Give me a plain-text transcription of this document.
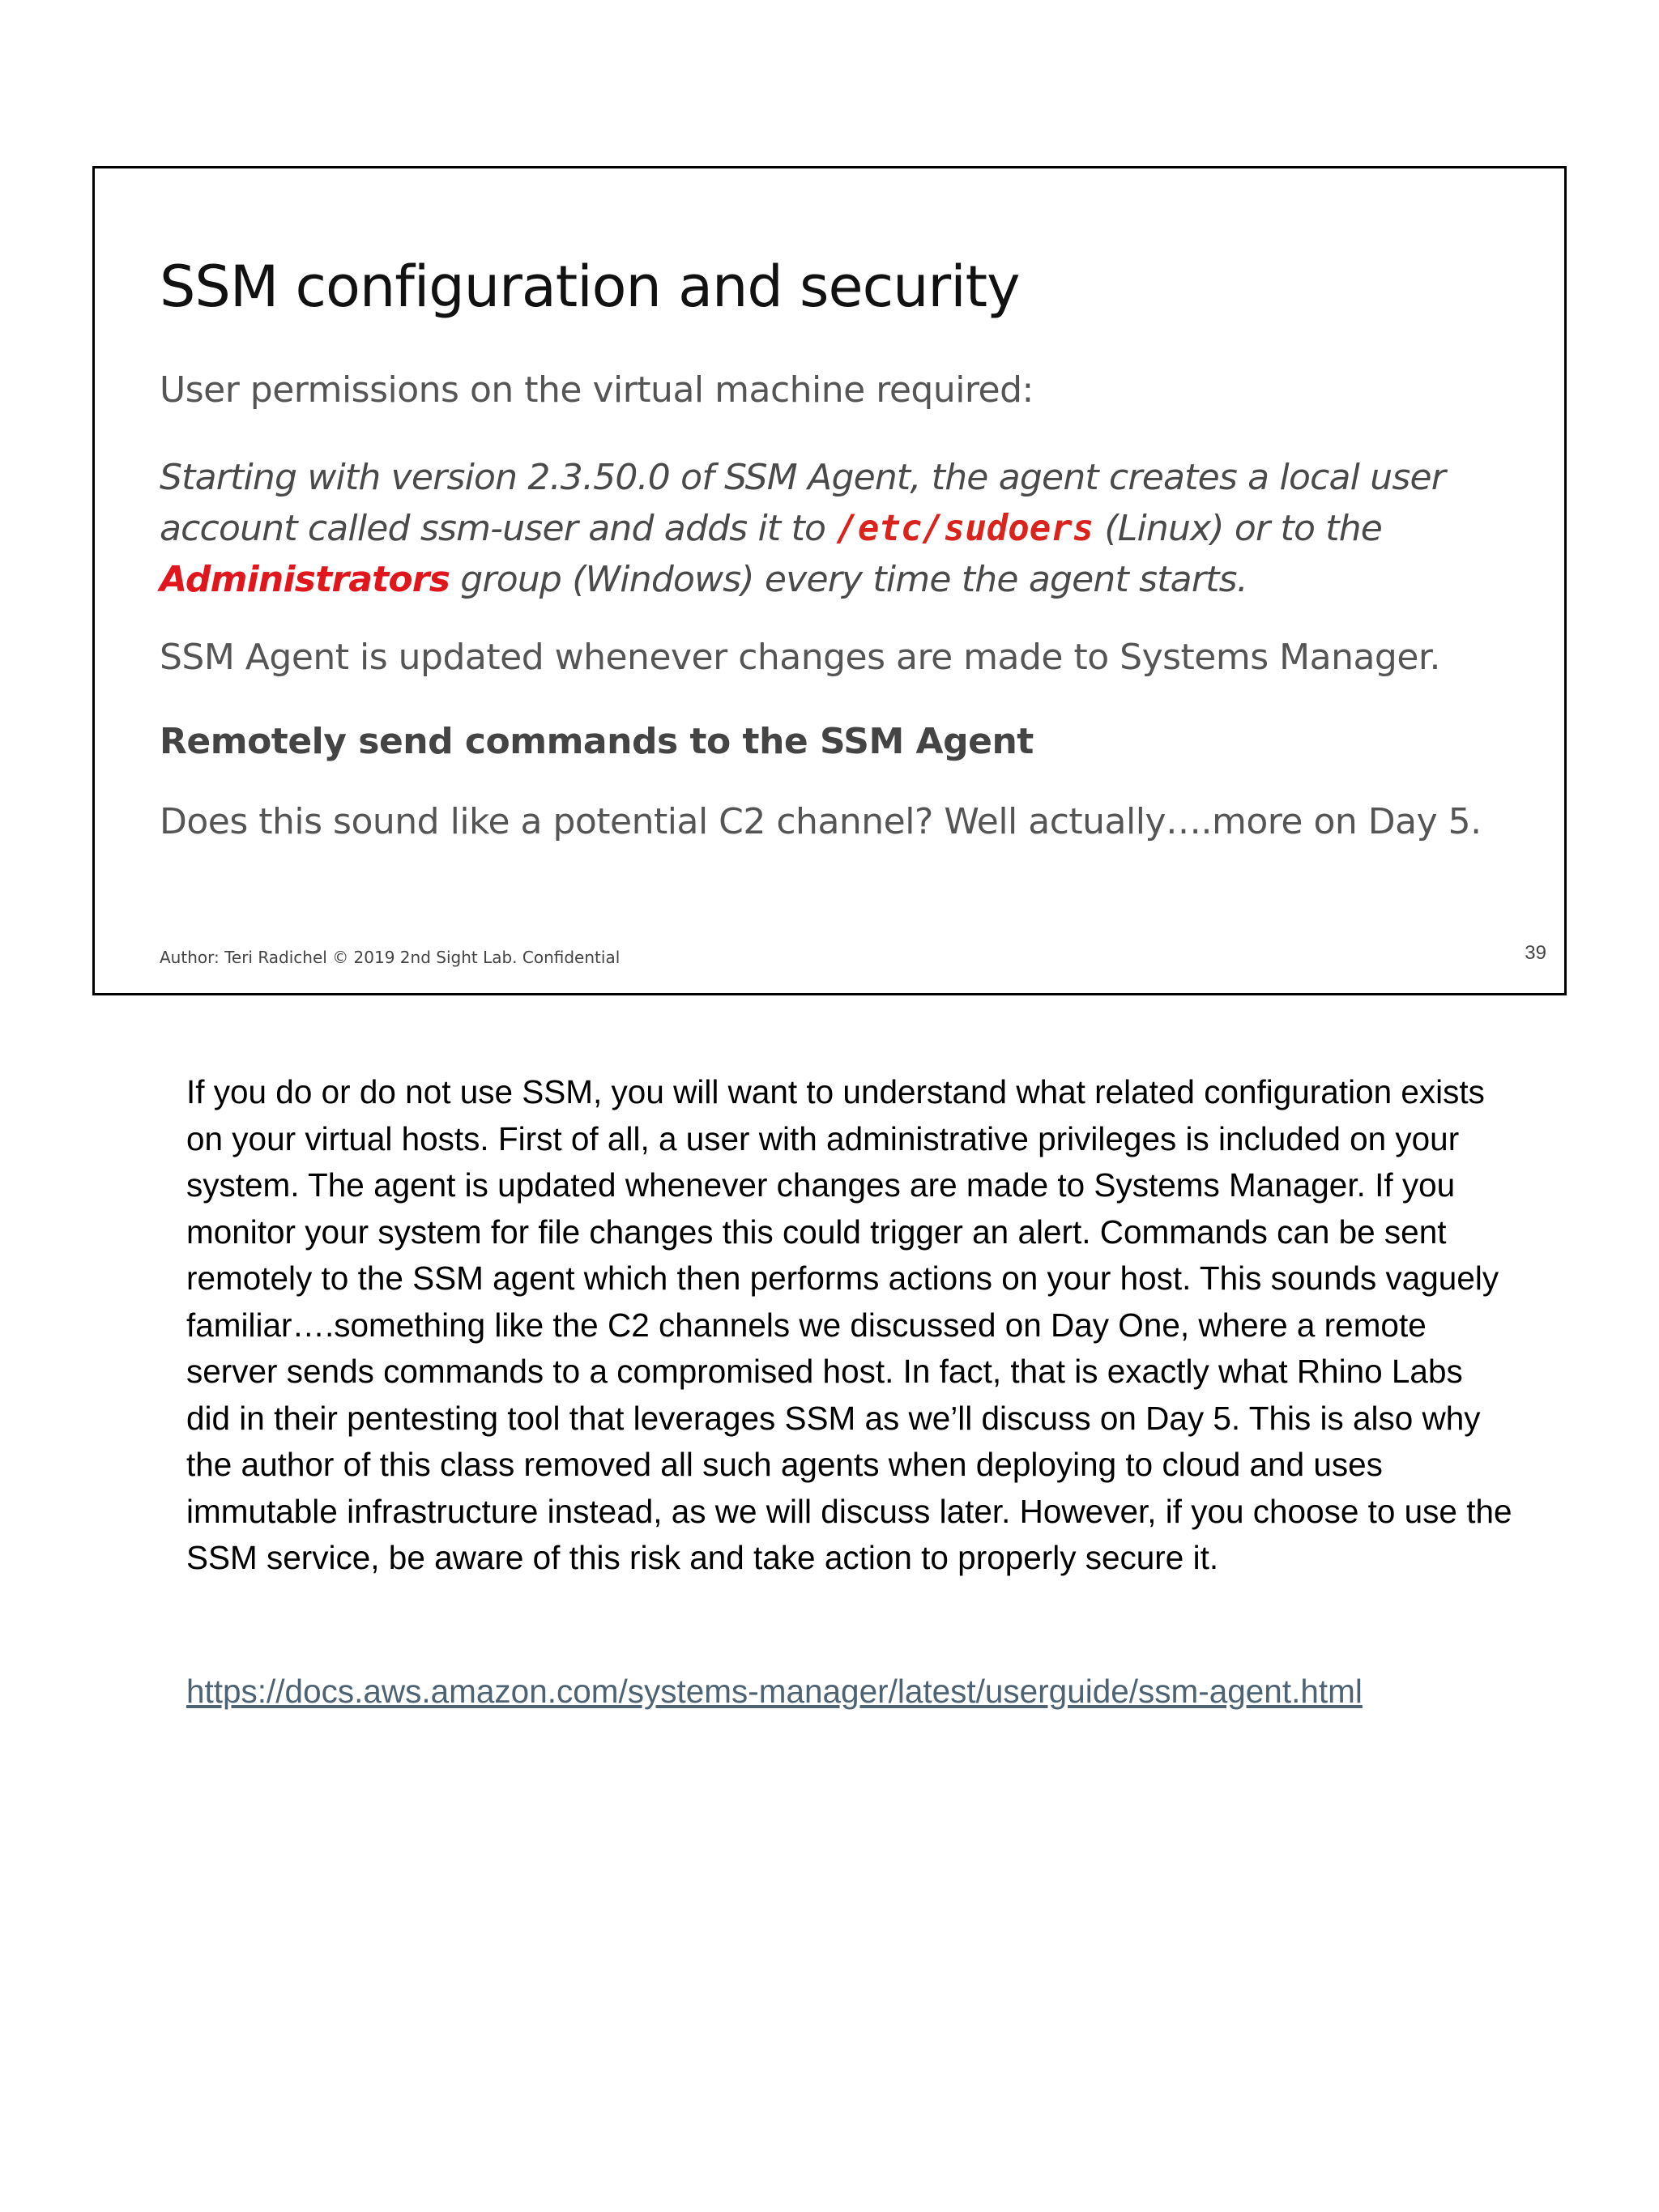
SSM configuration and security
User permissions on the virtual machine required:
Starting with version 2.3.50.0 of SSM Agent, the agent creates a local user account called ssm-user and adds it to /etc/sudoers (Linux) or to the Administrators group (Windows) every time the agent starts.
SSM Agent is updated whenever changes are made to Systems Manager.
Remotely send commands to the SSM Agent
Does this sound like a potential C2 channel? Well actually….more on Day 5.
Author: Teri Radichel © 2019 2nd Sight Lab. Confidential	39
If you do or do not use SSM, you will want to understand what related configuration exists on your virtual hosts. First of all, a user with administrative privileges is included on your system. The agent is updated whenever changes are made to Systems Manager. If you monitor your system for file changes this could trigger an alert. Commands can be sent remotely to the SSM agent which then performs actions on your host. This sounds vaguely familiar….something like the C2 channels we discussed on Day One, where a remote server sends commands to a compromised host. In fact, that is exactly what Rhino Labs did in their pentesting tool that leverages SSM as we’ll discuss on Day 5. This is also why the author of this class removed all such agents when deploying to cloud and uses immutable infrastructure instead, as we will discuss later. However, if you choose to use the SSM service, be aware of this risk and take action to properly secure it.
https://docs.aws.amazon.com/systems-manager/latest/userguide/ssm-agent.html
